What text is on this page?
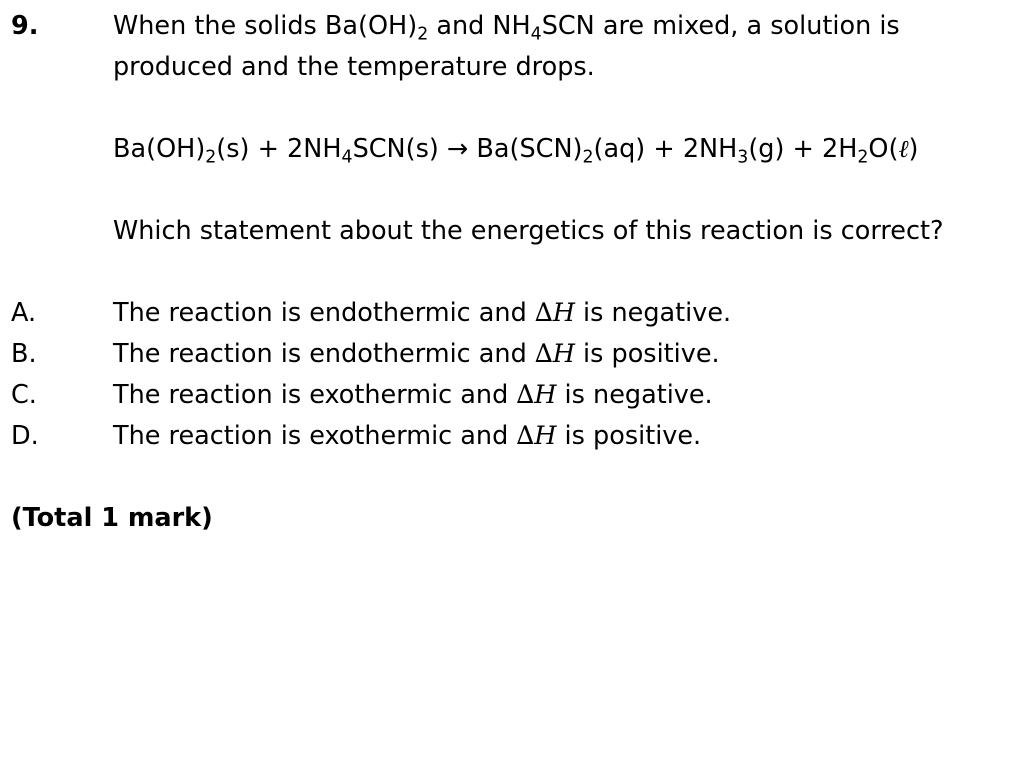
9.	When the solids $Ba(OH)_2$ and $NH_4SCN$ are mixed, a solution is
produced and the temperature drops.
$Ba(OH)_2(s) + 2NH_4SCN(s) \to Ba(SCN)_2(aq) + 2NH_3(g)$ + $2H_2O(\ell)$
Which statement about the energetics of this reaction is correct?
A.	The reaction is endothermic and ∆H is negative.
B.	The reaction is endothermic and ∆H is positive.
C.	The reaction is exothermic and ∆H is negative.
D.	The reaction is exothermic and ∆H is positive.
(Total 1 mark)
